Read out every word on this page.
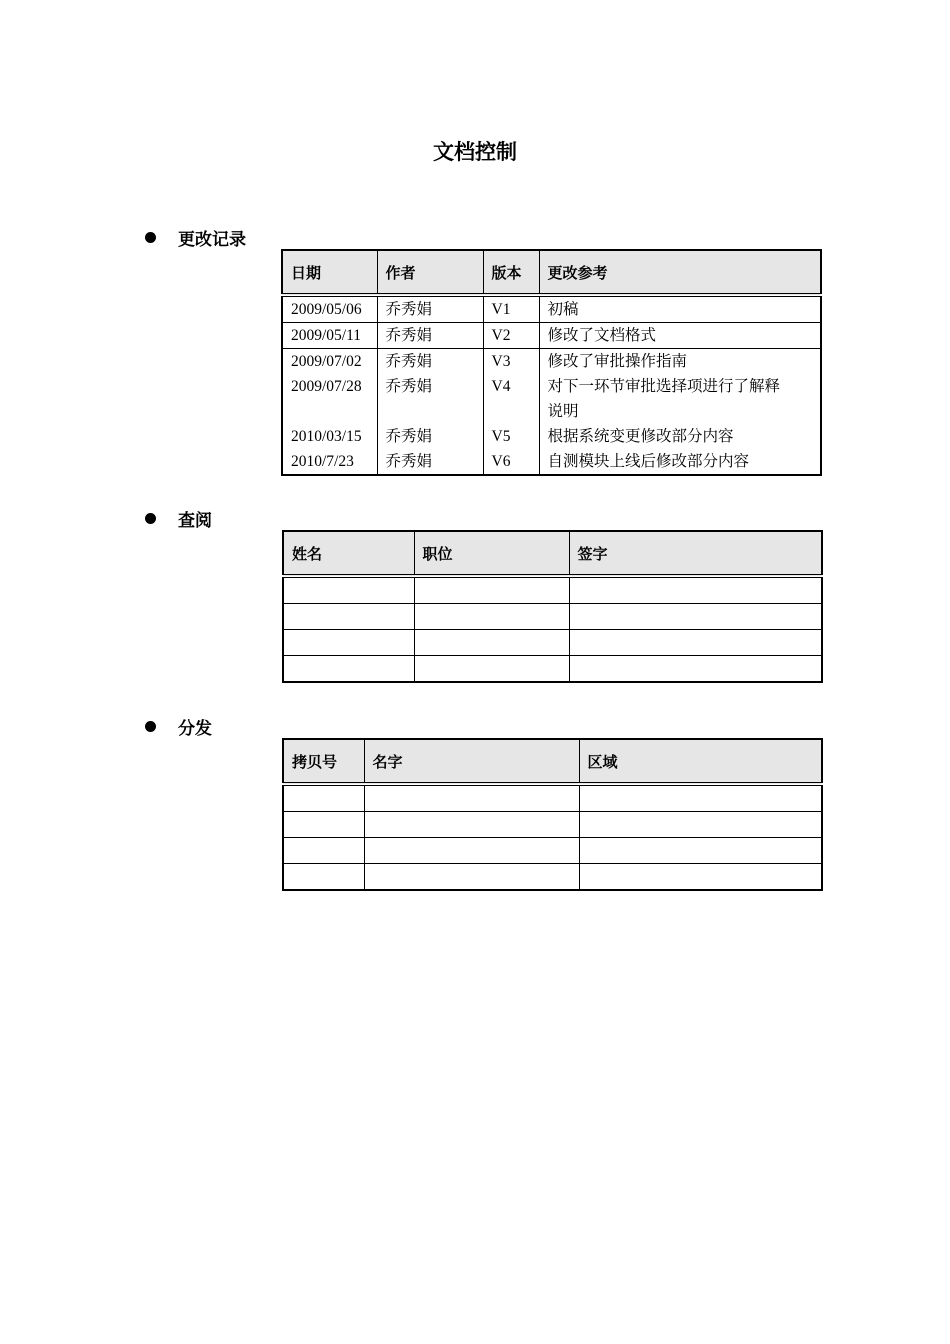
文档控制
更改记录
日期	作者	版本	更改参考
2009/05/06	乔秀娟	V1	初稿
2009/05/11	乔秀娟	V2	修改了文档格式
2009/07/02	乔秀娟	V3	修改了审批操作指南
2009/07/28	乔秀娟	V4	对下一环节审批选择项进行了解释
说明

2010/03/15	乔秀娟	V5	根据系统变更修改部分内容
2010/7/23	乔秀娟	V6	自测模块上线后修改部分内容
查阅
姓名	职位	签字

分发
拷贝号	名字	区域
